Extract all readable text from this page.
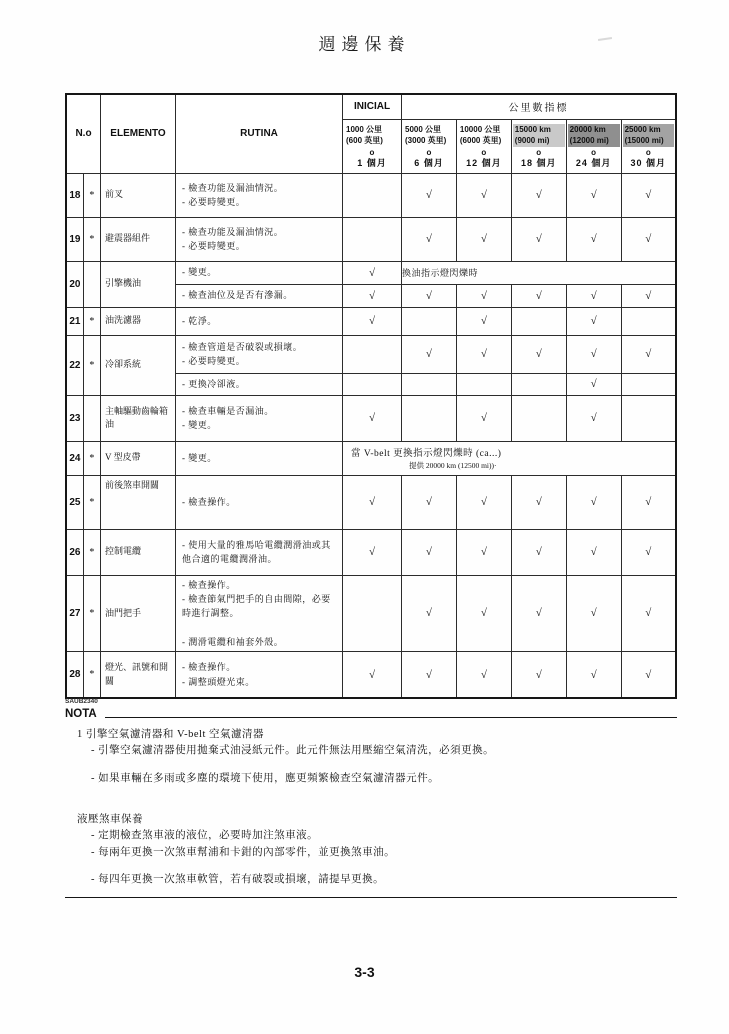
週邊保養
N.o		ELEMENTO	RUTINA	INICIAL	公里數指標				
				1000 公里 (600 英里)
o
1 個月	5000 公里 (3000 英里)
o
6 個月	10000 公里 (6000 英里)
o
12 個月	15000 km (9000 mi)
o
18 個月	20000 km (12000 mi)
o
24 個月	25000 km (15000 mi)
o
30 個月

18	*	前叉	- 檢查功能及漏油情況。
- 必要時變更。		√	√	√	√	√
19	*	避震器組件	- 檢查功能及漏油情況。
- 必要時變更。		√	√	√	√	√
20		引擎機油	- 變更。	√	換油指示燈閃爍時				

			- 檢查油位及是否有滲漏。	√	√	√	√	√	√
21	*	油洗濾器	- 乾淨。	√		√		√	
22	*	冷卻系統	- 檢查管道是否破裂或損壞。
- 必要時變更。		√	√	√	√	√

			- 更換冷卻液。					√	
23		主軸驅動齒輪箱油	- 檢查車輛是否漏油。
- 變更。	√		√		√	
24	*	V 型皮帶	- 變更。	當 V-belt 更換指示燈閃爍時 (ca...)
提供 20000 km (12500 mi))·					

25	*	前後煞車開關	- 檢查操作。	√	√	√	√	√	√
26	*	控制電纜	- 使用大量的雅馬哈電纜潤滑油或其他合適的電纜潤滑油。	√	√	√	√	√	√
27	*	油門把手	- 檢查操作。
- 檢查節氣門把手的自由間隙，必要時進行調整。

- 潤滑電纜和袖套外殼。		√	√	√	√	√
28	*	燈光、訊號和開關	- 檢查操作。
- 調整頭燈光束。	√	√	√	√	√	√
SAUB2340
NOTA
1 引擎空氣濾清器和 V-belt 空氣濾清器
- 引擎空氣濾清器使用拋棄式油浸紙元件。此元件無法用壓縮空氣清洗，必須更換。
- 如果車輛在多雨或多塵的環境下使用，應更頻繁檢查空氣濾清器元件。
液壓煞車保養
- 定期檢查煞車液的液位，必要時加注煞車液。
- 每兩年更換一次煞車幫浦和卡鉗的內部零件，並更換煞車油。
- 每四年更換一次煞車軟管，若有破裂或損壞，請提早更換。
3-3
